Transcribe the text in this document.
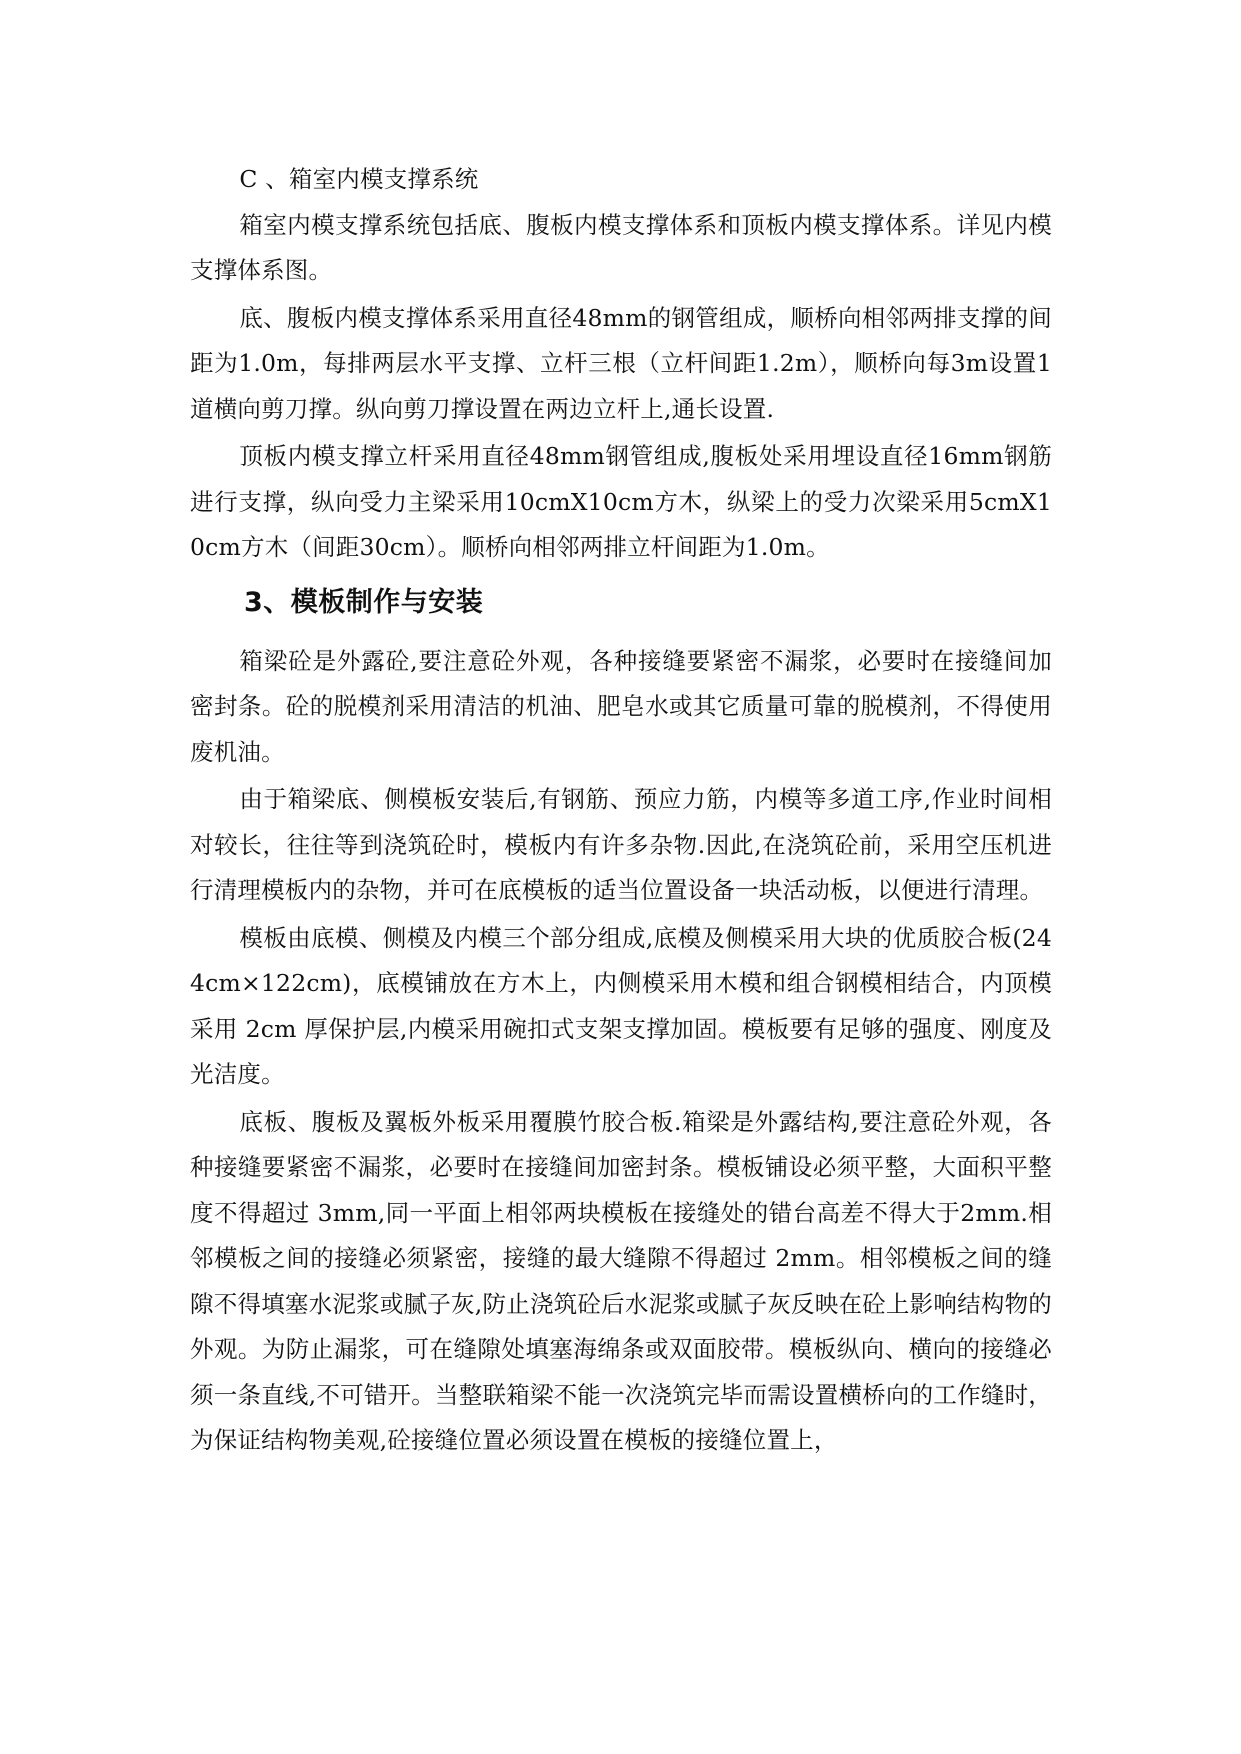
C 、箱室内模支撑系统

箱室内模支撑系统包括底、腹板内模支撑体系和顶板内模支撑体系。详见内模支撑体系图。

底、腹板内模支撑体系采用直径48mm的钢管组成，顺桥向相邻两排支撑的间距为1.0m，每排两层水平支撑、立杆三根（立杆间距1.2m），顺桥向每3m设置1道横向剪刀撑。纵向剪刀撑设置在两边立杆上,通长设置.

顶板内模支撑立杆采用直径48mm钢管组成,腹板处采用埋设直径16mm钢筋进行支撑，纵向受力主梁采用10cmX10cm方木，纵梁上的受力次梁采用5cmX10cm方木（间距30cm）。顺桥向相邻两排立杆间距为1.0m。

3、模板制作与安装

箱梁砼是外露砼,要注意砼外观，各种接缝要紧密不漏浆，必要时在接缝间加密封条。砼的脱模剂采用清洁的机油、肥皂水或其它质量可靠的脱模剂，不得使用废机油。

由于箱梁底、侧模板安装后,有钢筋、预应力筋，内模等多道工序,作业时间相对较长，往往等到浇筑砼时，模板内有许多杂物.因此,在浇筑砼前，采用空压机进行清理模板内的杂物，并可在底模板的适当位置设备一块活动板，以便进行清理。

模板由底模、侧模及内模三个部分组成,底模及侧模采用大块的优质胶合板(244cm×122cm)，底模铺放在方木上，内侧模采用木模和组合钢模相结合，内顶模采用 2cm 厚保护层,内模采用碗扣式支架支撑加固。模板要有足够的强度、刚度及光洁度。

底板、腹板及翼板外板采用覆膜竹胶合板.箱梁是外露结构,要注意砼外观，各种接缝要紧密不漏浆，必要时在接缝间加密封条。模板铺设必须平整，大面积平整度不得超过 3mm,同一平面上相邻两块模板在接缝处的错台高差不得大于2mm.相邻模板之间的接缝必须紧密，接缝的最大缝隙不得超过 2mm。相邻模板之间的缝隙不得填塞水泥浆或腻子灰,防止浇筑砼后水泥浆或腻子灰反映在砼上影响结构物的外观。为防止漏浆，可在缝隙处填塞海绵条或双面胶带。模板纵向、横向的接缝必须一条直线,不可错开。当整联箱梁不能一次浇筑完毕而需设置横桥向的工作缝时，为保证结构物美观,砼接缝位置必须设置在模板的接缝位置上，
